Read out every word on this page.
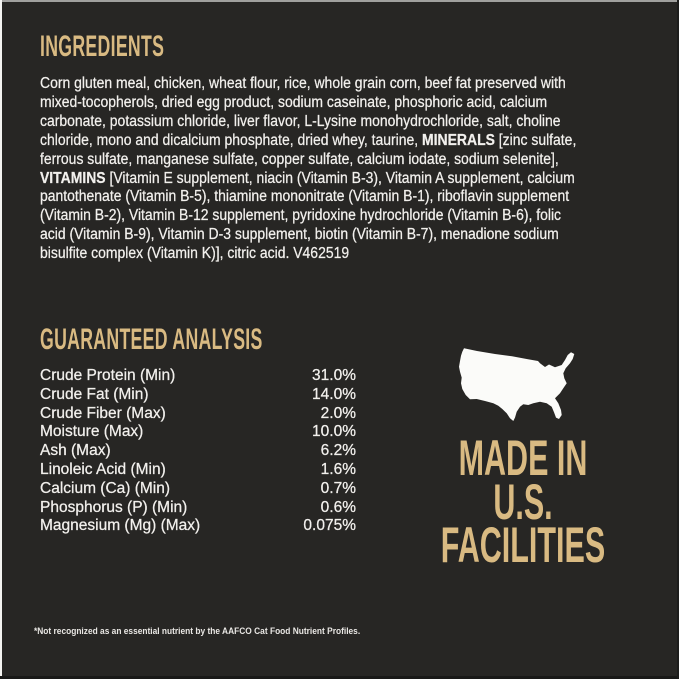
INGREDIENTS
Corn gluten meal, chicken, wheat flour, rice, whole grain corn, beef fat preserved with
mixed-tocopherols, dried egg product, sodium caseinate, phosphoric acid, calcium
carbonate, potassium chloride, liver flavor, L-Lysine monohydrochloride, salt, choline
chloride, mono and dicalcium phosphate, dried whey, taurine, MINERALS [zinc sulfate,
ferrous sulfate, manganese sulfate, copper sulfate, calcium iodate, sodium selenite],
VITAMINS [Vitamin E supplement, niacin (Vitamin B-3), Vitamin A supplement, calcium
pantothenate (Vitamin B-5), thiamine mononitrate (Vitamin B-1), riboflavin supplement
(Vitamin B-2), Vitamin B-12 supplement, pyridoxine hydrochloride (Vitamin B-6), folic
acid (Vitamin B-9), Vitamin D-3 supplement, biotin (Vitamin B-7), menadione sodium
bisulfite complex (Vitamin K)], citric acid. V462519
GUARANTEED ANALYSIS
Crude Protein (Min)	31.0%
Crude Fat (Min)	14.0%
Crude Fiber (Max)	2.0%
Moisture (Max)	10.0%
Ash (Max)	6.2%
Linoleic Acid (Min)	1.6%
Calcium (Ca) (Min)	0.7%
Phosphorus (P) (Min)	0.6%
Magnesium (Mg) (Max)	0.075%
MADE IN
U.S.
FACILITIES
*Not recognized as an essential nutrient by the AAFCO Cat Food Nutrient Profiles.
